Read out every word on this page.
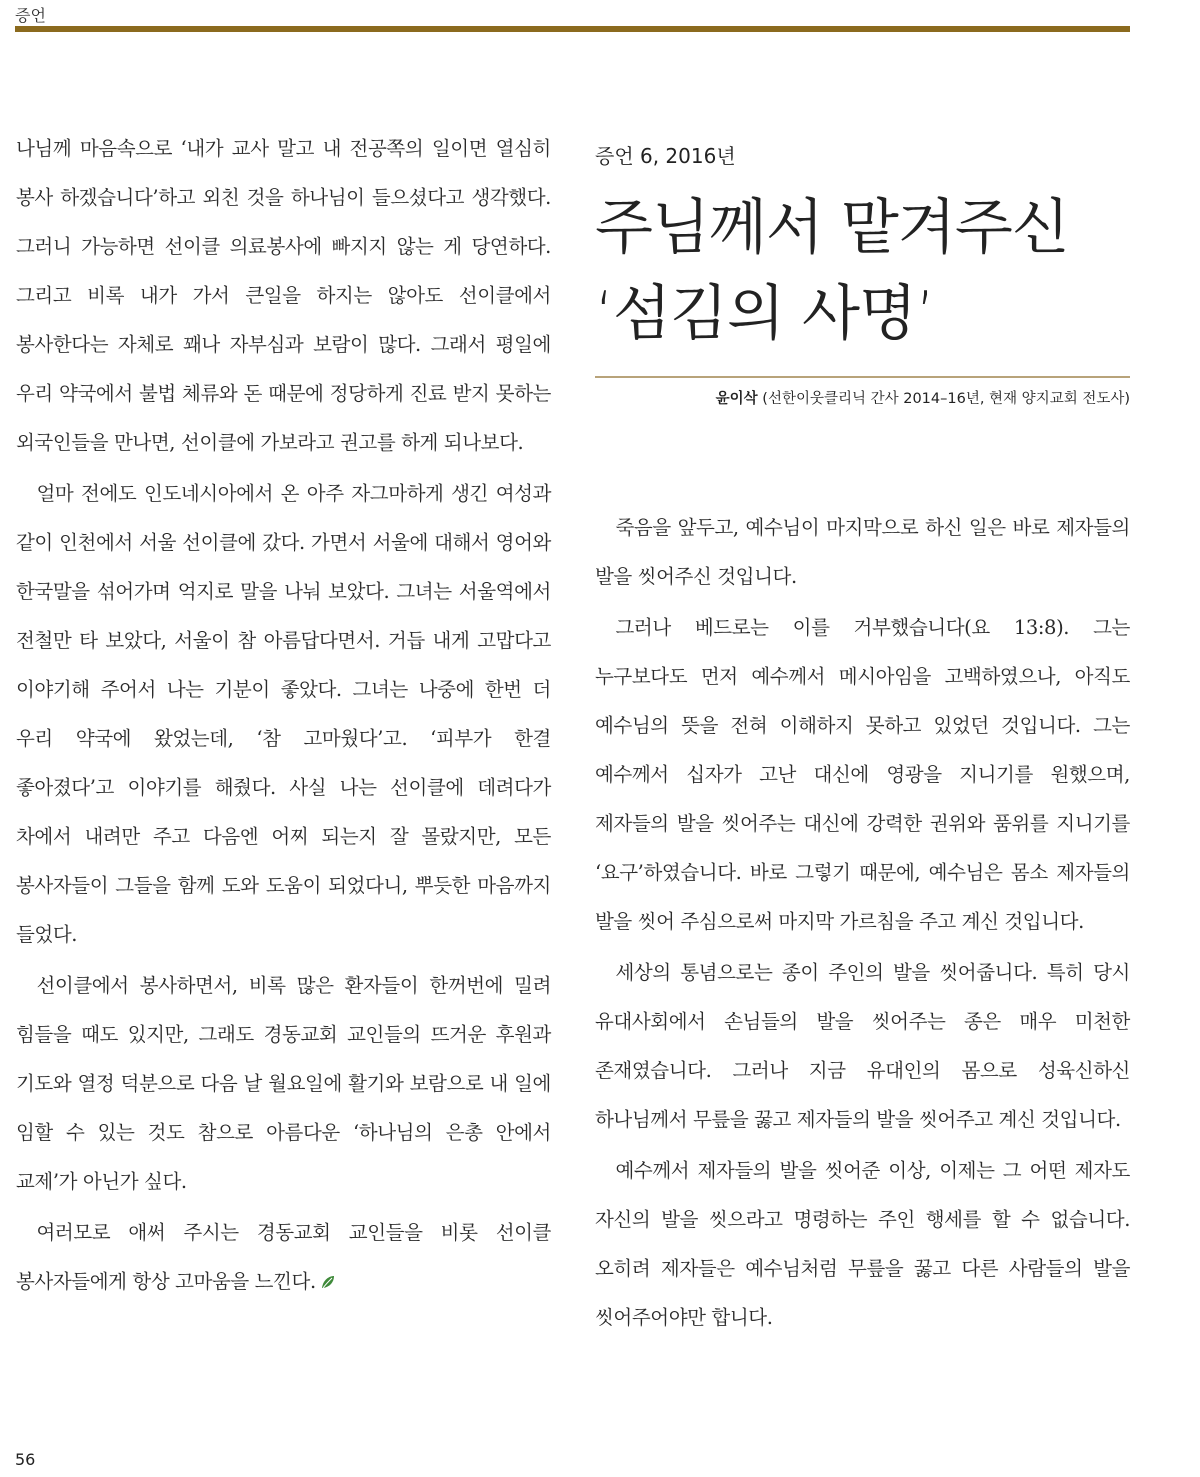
증언

나님께 마음속으로 ‘내가 교사 말고 내 전공쪽의 일이면 열심히 봉사 하겠습니다’하고 외친 것을 하나님이 들으셨다고 생각했다. 그러니 가능하면 선이클 의료봉사에 빠지지 않는 게 당연하다. 그리고 비록 내가 가서 큰일을 하지는 않아도 선이클에서 봉사한다는 자체로 꽤나 자부심과 보람이 많다. 그래서 평일에 우리 약국에서 불법 체류와 돈 때문에 정당하게 진료 받지 못하는 외국인들을 만나면, 선이클에 가보라고 권고를 하게 되나보다.

얼마 전에도 인도네시아에서 온 아주 자그마하게 생긴 여성과 같이 인천에서 서울 선이클에 갔다. 가면서 서울에 대해서 영어와 한국말을 섞어가며 억지로 말을 나눠 보았다. 그녀는 서울역에서 전철만 타 보았다, 서울이 참 아름답다면서. 거듭 내게 고맙다고 이야기해 주어서 나는 기분이 좋았다. 그녀는 나중에 한번 더 우리 약국에 왔었는데, ‘참 고마웠다’고. ‘피부가 한결 좋아졌다’고 이야기를 해줬다. 사실 나는 선이클에 데려다가 차에서 내려만 주고 다음엔 어찌 되는지 잘 몰랐지만, 모든 봉사자들이 그들을 함께 도와 도움이 되었다니, 뿌듯한 마음까지 들었다.

선이클에서 봉사하면서, 비록 많은 환자들이 한꺼번에 밀려 힘들을 때도 있지만, 그래도 경동교회 교인들의 뜨거운 후원과 기도와 열정 덕분으로 다음 날 월요일에 활기와 보람으로 내 일에 임할 수 있는 것도 참으로 아름다운 ‘하나님의 은총 안에서 교제’가 아닌가 싶다.

여러모로 애써 주시는 경동교회 교인들을 비롯 선이클 봉사자들에게 항상 고마움을 느낀다.

증언 6, 2016년
주님께서 맡겨주신
‘섬김의 사명’
윤이삭 (선한이웃클리닉 간사 2014–16년, 현재 양지교회 전도사)

죽음을 앞두고, 예수님이 마지막으로 하신 일은 바로 제자들의 발을 씻어주신 것입니다.

그러나 베드로는 이를 거부했습니다(요 13:8). 그는 누구보다도 먼저 예수께서 메시아임을 고백하였으나, 아직도 예수님의 뜻을 전혀 이해하지 못하고 있었던 것입니다. 그는 예수께서 십자가 고난 대신에 영광을 지니기를 원했으며, 제자들의 발을 씻어주는 대신에 강력한 권위와 품위를 지니기를 ‘요구’하였습니다. 바로 그렇기 때문에, 예수님은 몸소 제자들의 발을 씻어 주심으로써 마지막 가르침을 주고 계신 것입니다.

세상의 통념으로는 종이 주인의 발을 씻어줍니다. 특히 당시 유대사회에서 손님들의 발을 씻어주는 종은 매우 미천한 존재였습니다. 그러나 지금 유대인의 몸으로 성육신하신 하나님께서 무릎을 꿇고 제자들의 발을 씻어주고 계신 것입니다.

예수께서 제자들의 발을 씻어준 이상, 이제는 그 어떤 제자도 자신의 발을 씻으라고 명령하는 주인 행세를 할 수 없습니다. 오히려 제자들은 예수님처럼 무릎을 꿇고 다른 사람들의 발을 씻어주어야만 합니다.

56
